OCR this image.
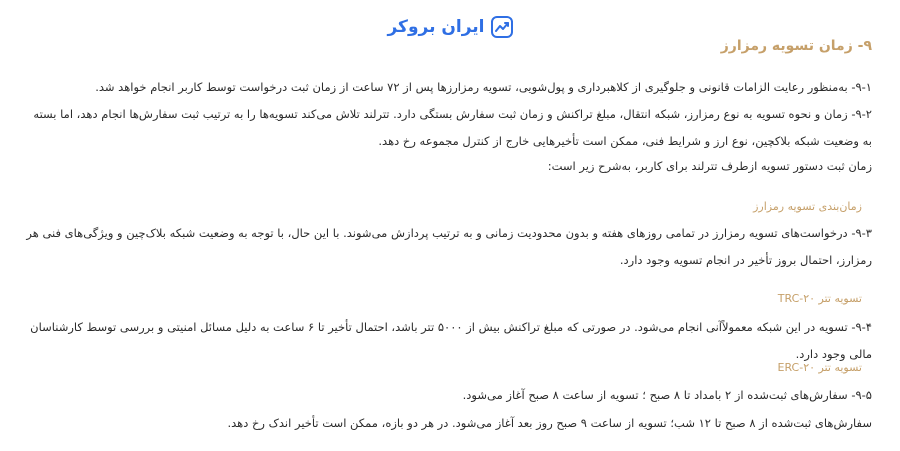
ایران بروکر
۹- زمان تسویه رمزارز

۹-۱- به‌منظور رعایت الزامات قانونی و جلوگیری از کلاهبرداری و پول‌شویی، تسویه رمزارزها پس از ۷۲ ساعت از زمان ثبت درخواست توسط کاربر انجام خواهد شد.

۹-۲- زمان و نحوه تسویه به نوع رمزارز، شبکه انتقال، مبلغ تراکنش و زمان ثبت سفارش بستگی دارد. تترلند تلاش می‌کند تسویه‌ها را به ترتیب ثبت سفارش‌ها انجام دهد، اما بسته به وضعیت شبکه بلاکچین، نوع ارز و شرایط فنی، ممکن است تأخیرهایی خارج از کنترل مجموعه رخ دهد.

زمان ثبت دستور تسویه ازطرف تترلند برای کاربر، به‌شرح زیر است:

زمان‌بندی تسویه رمزارز

۹-۳- درخواست‌های تسویه رمزارز در تمامی روزهای هفته و بدون محدودیت زمانی و به ترتیب پردازش می‌شوند. با این حال، با توجه به وضعیت شبکه بلاک‌چین و ویژگی‌های فنی هر رمزارز، احتمال بروز تأخیر در انجام تسویه وجود دارد.

تسویه تتر TRC-۲۰

۹-۴- تسویه در این شبکه معمولاًآنی انجام می‌شود. در صورتی که مبلغ تراکنش بیش از ۵۰۰۰ تتر باشد، احتمال تأخیر تا ۶ ساعت به دلیل مسائل امنیتی و بررسی توسط کارشناسان مالی وجود دارد.

تسویه تتر ERC-۲۰

۹-۵- سفارش‌های ثبت‌شده از ۲ بامداد تا ۸ صبح ؛ تسویه از ساعت ۸ صبح آغاز می‌شود.

سفارش‌های ثبت‌شده از ۸ صبح تا ۱۲ شب؛ تسویه از ساعت ۹ صبح روز بعد آغاز می‌شود. در هر دو بازه، ممکن است تأخیر اندک رخ دهد.
